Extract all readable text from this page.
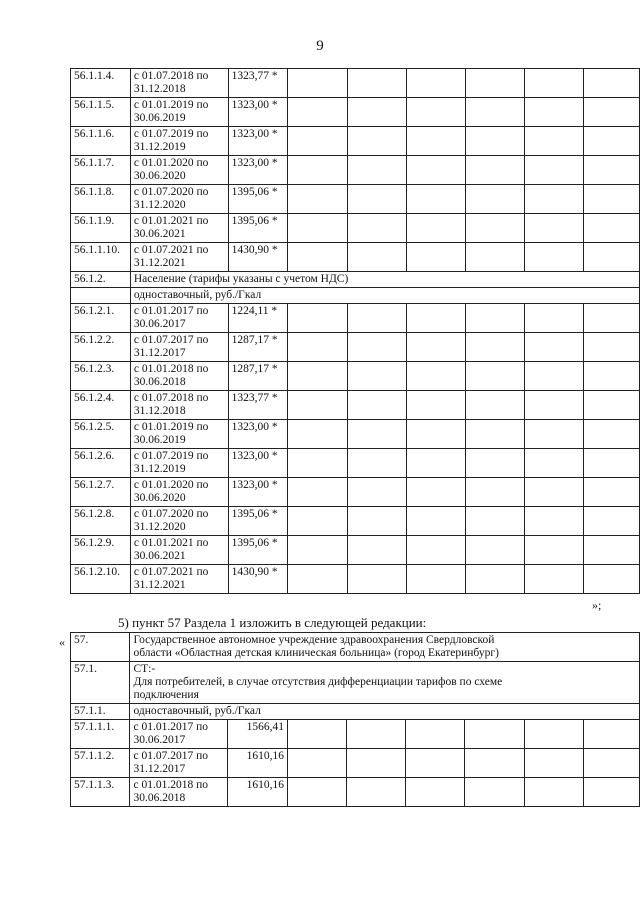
9
56.1.1.4.	с 01.07.2018 по
31.12.2018	1323,77 *						
56.1.1.5.	с 01.01.2019 по
30.06.2019	1323,00 *						
56.1.1.6.	с 01.07.2019 по
31.12.2019	1323,00 *						
56.1.1.7.	с 01.01.2020 по
30.06.2020	1323,00 *						
56.1.1.8.	с 01.07.2020 по
31.12.2020	1395,06 *						
56.1.1.9.	с 01.01.2021 по
30.06.2021	1395,06 *						
56.1.1.10.	с 01.07.2021 по
31.12.2021	1430,90 *						
56.1.2.	Население (тарифы указаны с учетом НДС)							
	одноставочный, руб./Гкал							
56.1.2.1.	с 01.01.2017 по
30.06.2017	1224,11 *						
56.1.2.2.	с 01.07.2017 по
31.12.2017	1287,17 *						
56.1.2.3.	с 01.01.2018 по
30.06.2018	1287,17 *						
56.1.2.4.	с 01.07.2018 по
31.12.2018	1323,77 *						
56.1.2.5.	с 01.01.2019 по
30.06.2019	1323,00 *						
56.1.2.6.	с 01.07.2019 по
31.12.2019	1323,00 *						
56.1.2.7.	с 01.01.2020 по
30.06.2020	1323,00 *						
56.1.2.8.	с 01.07.2020 по
31.12.2020	1395,06 *						
56.1.2.9.	с 01.01.2021 по
30.06.2021	1395,06 *						
56.1.2.10.	с 01.07.2021 по
31.12.2021	1430,90 *						
»;
5) пункт 57 Раздела 1 изложить в следующей редакции:
« 57.	Государственное автономное учреждение здравоохранения Свердловской
области «Областная детская клиническая больница» (город Екатеринбург)							

57.1.	СТ:-
Для потребителей, в случае отсутствия дифференциации тарифов по схеме
подключения							

57.1.1.	одноставочный, руб./Гкал							
57.1.1.1.	с 01.01.2017 по
30.06.2017	1566,41						
57.1.1.2.	с 01.07.2017 по
31.12.2017	1610,16						
57.1.1.3.	с 01.01.2018 по
30.06.2018	1610,16						
